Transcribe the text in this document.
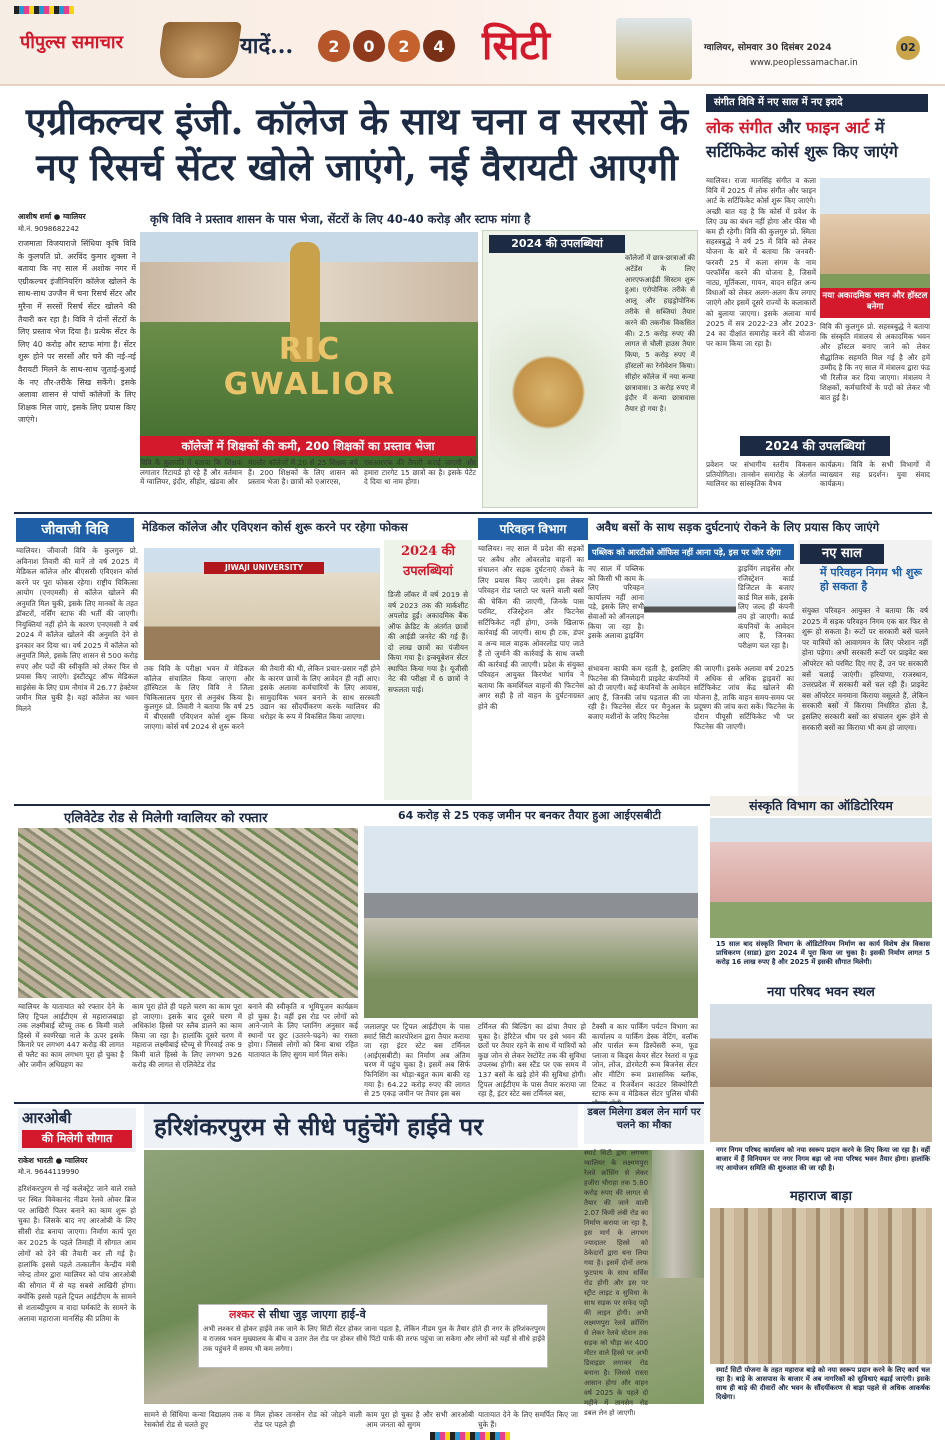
पीपुल्स समाचार	यादें...	2	0	2	4 सिटी	ग्वालियर, सोमवार 30 दिसंबर 2024	02
www.peoplessamachar.in
एग्रीकल्चर इंजी. कॉलेज के साथ चना व सरसों के नए रिसर्च सेंटर खोले जाएंगे, नई वैरायटी आएगी
कृषि विवि ने प्रस्ताव शासन के पास भेजा, सेंटरों के लिए 40-40 करोड़ और स्टाफ मांगा है
आशीष शर्मा ● ग्वालियर
मो.नं. 9098682242
राजमाता विजयाराजे सिंधिया कृषि विवि के कुलपति प्रो. अरविंद कुमार शुक्ला ने बताया कि नए साल में अशोक नगर में एग्रीकल्चर इंजीनियरिंग कॉलेज खोलने के साथ-साथ उज्जैन में चना रिसर्च सेंटर और मुरैना में सरसों रिसर्च सेंटर खोलने की तैयारी कर रहा है। विवि ने दोनों सेंटरों के लिए प्रस्ताव भेज दिया है। प्रत्येक सेंटर के लिए 40 करोड़ और स्टाफ मांगा है। सेंटर शुरू होने पर सरसों और चने की नई-नई वैरायटी मिलने के साथ-साथ जुताई-बुआई के नए तौर-तरीके सिख सकेंगे। इसके अलावा शासन से पांचों कॉलेजों के लिए शिक्षक मिल जाएं, इसके लिए प्रयास किए जाएंगे।
RIC GWALIOR
कॉलेजों में शिक्षकों की कमी, 200 शिक्षकों का प्रस्ताव भेजा
विवि के कुलपति ने बताया कि शिक्षक लगातार रिटायर्ड हो रहे हैं और वर्तमान में ग्वालियर, इंदौर, सीहोर, खंडवा और
मंदसौर कॉलेजों में 20 से 25 शिक्षक बचे हैं। 200 शिक्षकों के लिए शासन को प्रस्ताव भेजा है। छात्रों को एआरएस,
एसआरएफ की तैयारी कराई जाएगी और हमारा टारगेट 15 छात्रों का है। इसके पेटेंट दे दिया था नाम होगा।
2024 की उपलब्धियां
कॉलेजों में छात्र-छात्राओं की अटेंडेंस के लिए आरएफआईडी सिस्टम शुरू हुआ। एरोपोनिक तरीके से आलू और हाइड्रोपोनिक तरीके से सब्जियां तैयार करने की तकनीक विकसित की। 2.5 करोड़ रुपए की लागत से चौली हाउस तैयार किया, 5 करोड़ रुपए में हॉस्टलों का रेनोवेशन किया। सीहोर कॉलेज में नया कन्या छात्रावास। 3 करोड़ रुपए में इंदौर में कन्या छात्रावास तैयार हो गया है।
संगीत विवि में नए साल में नए इरादे
लोक संगीत और फाइन आर्ट में सर्टिफिकेट कोर्स शुरू किए जाएंगे
ग्वालियर। राजा मानसिंह संगीत व कला विवि में 2025 में लोक संगीत और फाइन आर्ट के सर्टिफिकेट कोर्स शुरू किए जाएंगे। अच्छी बात यह है कि कोर्स में प्रवेश के लिए उम्र का बंधन नहीं होगा और फीस भी कम ही रहेगी। विवि की कुलगुरु प्रो. स्मिता सहस्त्रबुद्धे ने वर्ष 25 में विवि को लेकर योजना के बारे में बताया कि जनवरी-फरवरी 25 में कला संगम के नाम परफॉर्मेंस करने की योजना है, जिसमें नाट्य, मूर्तिकला, गायन, वादन सहित अन्य विधाओं को लेकर अलग-अलग कैंप लगाए जाएंगे और इसमें दूसरे राज्यों के कलाकारों को बुलाया जाएगा। इसके अलावा मार्च 2025 में सत्र 2022-23 और 2023-24 का दीक्षांत समारोह करने की योजना पर काम किया जा रहा है।
नया अकादमिक भवन और हॉस्टल बनेगा
विवि की कुलगुरु प्रो. सहस्त्रबुद्धे ने बताया कि संस्कृति मंत्रालय से अकादमिक भवन और हॉस्टल बनाए जाने को लेकर सैद्धांतिक सहमति मिल गई है और हमें उम्मीद है कि नए साल में मंत्रालय द्वारा फंड भी रिलीज कर दिया जाएगा। मंत्रालय ने शिक्षकों, कर्मचारियों के पदों को लेकर भी बात हुई है।
2024 की उपलब्धियां
प्रवेशन पर संभागीय स्तरीय विकसन प्रतियोगिता। तानसेन समारोह के अंतर्गत ग्वालियर का सांस्कृतिक वैभव
कार्यक्रम। विवि के सभी विभागों में व्याख्यान सह प्रदर्शन। युवा संवाद कार्यक्रम।
जीवाजी विवि	मेडिकल कॉलेज और एविएशन कोर्स शुरू करने पर रहेगा फोकस
ग्वालियर। जीवाजी विवि के कुलगुरु प्रो. अविनाश तिवारी की मानें तो वर्ष 2025 में मेडिकल कॉलेज और बीएससी एविएशन कोर्स करने पर पूरा फोकस रहेगा। राष्ट्रीय चिकित्सा आयोग (एनएमसी) से कॉलेज खोलने की अनुमति मिल चुकी, इसके लिए मानकों के तहत डॉक्टरों, नर्सिंग स्टाफ की भर्ती की जाएगी। नियुक्तियां नहीं होने के कारण एनएमसी ने वर्ष 2024 में कॉलेज खोलने की अनुमति देने से इनकार कर दिया था। वर्ष 2025 में कॉलेज को अनुमति मिले, इसके लिए शासन से 500 करोड़ रुपए और पदों की स्वीकृति को लेकर फिर से प्रयास किए जाएंगे। इंस्टीट्यूट ऑफ मेडिकल साइंसेस के लिए ग्राम नौगांव में 26.77 हेक्टेयर जमीन मिल चुकी है। यहां कॉलेज का भवन मिलने
JIWAJI UNIVERSITY
तक विवि के परीक्षा भवन में मेडिकल कॉलेज संचालित किया जाएगा और हॉस्पिटल के लिए विवि ने जिला चिकित्सालय मुरार से अनुबंध किया है। कुलगुरु प्रो. तिवारी ने बताया कि वर्ष 25 में बीएससी एविएशन कोर्स शुरू किया जाएगा। कोर्स वर्ष 2024 से शुरू करने
की तैयारी की थी, लेकिन प्रचार-प्रसार नहीं होने के कारण छात्रों के लिए आवेदन ही नहीं आए। इसके अलावा कर्मचारियों के लिए आवास, सामुदायिक भवन बनाने के साथ सरस्वती उद्यान का सौंदर्यीकरण करके ग्वालियर की धरोहर के रूप में विकसित किया जाएगा।
2024 की उपलब्धियां
डिजी लॉकर में वर्ष 2019 से वर्ष 2023 तक की मार्कशीट अपलोड हुईं। अकादमिक बैंक ऑफ क्रेडिट के अंतर्गत छात्रों की आईडी जनरेट की गई हैं। दो लाख छात्रों का पंजीयन किया गया है। इन्क्यूबेशन सेंटर स्थापित किया गया है। यूजीसी नेट की परीक्षा में 6 छात्रों ने सफलता पाई।
परिवहन विभाग	अवैध बसों के साथ सड़क दुर्घटनाएं रोकने के लिए प्रयास किए जाएंगे
ग्वालियर। नए साल में प्रदेश की सड़कों पर अवैध और ओवरलोड वाहनों का संचालन और सड़क दुर्घटनाएं रोकने के लिए प्रयास किए जाएंगे। इस लेकर परिवहन रोड प्लाटो पर चलने वाली बसों की चेकिंग की जाएगी, जिनके पास परमिट, रजिस्ट्रेशन और फिटनेस सर्टिफिकेट नहीं होगा, उनके खिलाफ कार्रवाई की जाएगी। साथ ही टक, डंपर व अन्य माल वाहक ओवरलोड पाए जाते हैं तो जुर्माने की कार्रवाई के साथ जब्ती की कार्रवाई की जाएगी। प्रदेश के संयुक्त परिवहन आयुक्त किरणेश भार्गव ने बताया कि कमर्शियल वाहनों की फिटनेस अगर सही है तो वाहन के दुर्घटनाग्रस्त होने की
पब्लिक को आरटीओ ऑफिस नहीं आना पड़े, इस पर जोर रहेगा
नए साल में पब्लिक को किसी भी काम के लिए परिवहन कार्यालय नहीं आना पड़े, इसके लिए सभी सेवाओं को ऑनलाइन किया जा रहा है। इसके अलावा ड्राइविंग
ड्राइविंग लाइसेंस और रजिस्ट्रेशन कार्ड डिजिटल के बजाए कार्ड मिल सके, इसके लिए जल्द ही कंपनी तय हो जाएगी। कार्ड कंपनियों के आवेदन आए हैं, जिनका परीक्षण चल रहा है।
संभावना काफी कम रहती है, इसलिए फिटनेस की जिम्मेदारी प्राइवेट कंपनियों को दी जाएगी। कई कंपनियों के आवेदन आए हैं, जिनकी जांच पड़ताल की जा रही है। फिटनेस सेंटर पर मैनुअल के बजाए मशीनों के जरिए फिटनेस
की जाएगी। इसके अलावा वर्ष 2025 में अधिक से अधिक ड्राइवरों का सर्टिफिकेट जांच केंद्र खोलने की योजना है, ताकि वाहन समय-समय पर प्रदूषण की जांच करा सकें। फिटनेस के दौरान पीयूसी सर्टिफिकेट भी पर फिटनेस की जाएगी।
नए साल
में परिवहन निगम भी शुरू हो सकता है
संयुक्त परिवहन आयुक्त ने बताया कि वर्ष 2025 में सड़क परिवहन निगम एक बार फिर से शुरू हो सकता है। रूटों पर सरकारी बसें चलने पर यात्रियों को आवागमन के लिए परेशान नहीं होना पड़ेगा। अभी सरकारी रूटों पर प्राइवेट बस ऑपरेटर को परमिट दिए गए हैं, उन पर सरकारी बसें चलाई जाएंगी। हरियाणा, राजस्थान, उत्तरप्रदेश में सरकारी बसें चल रही हैं। प्राइवेट बस ऑपरेटर मनमाना किराया वसूलते हैं, लेकिन सरकारी बसों में किराया निर्धारित होता है, इसलिए सरकारी बसों का संचालन शुरू होने से सरकारी बसों का किराया भी कम हो जाएगा।
एलिवेटेड रोड से मिलेगी ग्वालियर को रफ्तार
ग्वालियर के यातायात को रफ्तार देने के लिए ट्रिपल आईटीएम से महाराजबाड़ा तक लक्ष्मीबाई स्टैच्यू तक 6 किमी वाले हिस्से में स्वर्णरेखा नाले के ऊपर इसके किनारे पर लगभग 447 करोड़ की लागत से फ्लैट का काम लगभग पूरा हो चुका है और जमीन अधिग्रहण का
काम पूरा होते ही पहले चरण का काम पूरा हो जाएगा। इसके बाद दूसरे चरण में अधिकांश हिस्से पर स्लैब डालने का काम किया जा रहा है। हालांकि दूसरे चरण में महाराज लक्ष्मीबाई स्टैच्यू से गिरवाई तक 9 किमी वाले हिस्से के लिए लगभग 926 करोड़ की लागत से एलिवेटेड रोड
बनाने की स्वीकृति व भूमिपूजन कार्यक्रम हो चुका है। वहीं इस रोड पर लोगों को आने-जाने के लिए प्लानिंग अनुसार कई स्थानों पर छुट (उतरने-चढ़ने) का रास्ता होगा। जिससे लोगों को बिना बाधा रहित यातायात के लिए सुगम मार्ग मिल सके।
64 करोड़ से 25 एकड़ जमीन पर बनकर तैयार हुआ आईएसबीटी
जलालपुर पर ट्रिपल आईटीएम के पास स्मार्ट सिटी कारपोरेशन द्वारा तैयार कराया जा रहा इंटर स्टेट बस टर्मिनल (आईएसबीटी) का निर्माण अब अंतिम चरण में पहुंच चुका है। इसमें अब सिर्फ फिनिशिंग का थोड़ा-बहुत काम बाकी रह गया है। 64.22 करोड़ रुपए की लागत से 25 एकड़ जमीन पर तैयार इस बस
टर्मिनल की बिल्डिंग का ढांचा तैयार हो चुका है। हेरिटेज थीम पर इसे भवन की छतों पर तैयार रहने के साथ में यात्रियों को कुछ जोन से लेकर रेस्टोरेंट तक की सुविधा उपलब्ध होगी। बस स्टैंड पर एक समय में 137 बसों के खड़े होने की सुविधा होगी। ट्रिपल आईटीएम के पास तैयार कराया जा रहा है, इंटर स्टेट बस टर्मिनल बस,
टैक्सी व कार पार्किंग पर्यटन विभाग का कार्यालय व पार्किंग डेस्क वेटिंग, वलॉक और पार्सल रूम डिस्पेंसरी रूम, फूड प्लाजा व किड्स केयर सेंटर रेस्तरां व फूड जोन, लोंज, डोरमेटरी रूम बिजनेस सेंटर और मीटिंग रूम प्रशासनिक ब्लॉक, टिकट व रिजर्वेशन काउंटर सिक्योरिटी स्टाफ रूम व मेडिकल सेंटर पुलिस चौकी
संस्कृति विभाग का ऑडिटोरियम
15 साल बाद संस्कृति विभाग के ऑडिटोरियम निर्माण का कार्य विशेष क्षेत्र विकास प्राधिकरण (साडा) द्वारा 2024 में पूरा किया जा चुका है। इसकी निर्माण लागत 5 करोड़ 16 लाख रुपए है और 2025 में इसकी सौगात मिलेगी।
नया परिषद भवन स्थल
नगर निगम परिषद कार्यालय को नया स्वरूप प्रदान करने के लिए किया जा रहा है। वहीं बाजार में हैं विनियमन पर नगर निगम बड़ा जो नया परिषद भवन तैयार होगा। हालांकि नए आयोजन समिति की शुरुआत की जा रही है।
महाराज बाड़ा
स्मार्ट सिटी योजना के तहत महाराज बाड़े को नया स्वरूप प्रदान करने के लिए कार्य चल रहा है। बाड़े के आसपास के बाजार में अब नागरिकों को सुविधाएं बढ़ाई जाएंगी। इसके साथ ही बाड़े की दीवारों और भवन के सौंदर्यीकरण से बाड़ा पहले से अधिक आकर्षक दिखेगा।
आरओबी
की मिलेगी सौगात
राकेश भारती ● ग्वालियर
मो.न. 9644119990
हरिशंकरपुरम से नई कलेक्ट्रेट जाने वाले रास्ते पर स्थित विवेकानंद नीडम रेलवे ओवर ब्रिज पर आखिरी पिलर बनाने का काम शुरू हो चुका है। जिसके बाद नए आरओबी के लिए सीसी रोड बनाया जाएगा। निर्माण कार्य पूरा कर 2025 के पहले तिमाही में सौगात आम लोगों को देने की तैयारी कर ली गई है। हालांकि इससे पहले तत्कालीन केन्द्रीय मंत्री नरेन्द्र तोमर द्वारा ग्वालियर को पांच आरओबी की सौगात में से यह सबसे आखिरी होगा। क्योंकि इससे पहले ट्रिपल आईटीएम के सामने से शताब्दीपुरम व वादा घर्मकांटे के सामने के अलावा महाराजा मानसिंह की प्रतिमा के
हरिशंकरपुरम से सीधे पहुंचेंगे हाईवे पर
लश्कर से सीधा जुड़ जाएगा हाई-वे
अभी लश्कर से होकर हाईवे तक जाने के लिए सिटी सेंटर होकर जाना पड़ता है, लेकिन नीडम पुल के तैयार होते ही नगर के हरिशंकरपुरम व राजस्व भवन मुख्यालय के बीच व उतार तेल रोड पर होकर सीधे पिंटो पार्क की तरफ पहुंचा जा सकेगा और लोगों को यहाँ से सीधे हाईवे तक पहुंचने में समय भी कम लगेगा।
सामने से सिंधिया कन्या विद्यालय तक व रेसकोर्स रोड से चलते हुए
मिल होकर तानसेन रोड को जोड़ने वाली रोड पर पहले ही
काम पूरा हो चुका है और सभी आरओबी आम जनता को सुगम
यातायात देने के लिए समर्पित किए जा चुके हैं।
डबल मिलेगा डबल लेन मार्ग पर चलने का मौका
स्मार्ट सिटी द्वारा लगभग ग्वालियर के लक्ष्मणपुरा रेलवे क्रॉसिंग से लेकर हजीरा चौराहा तक 5.80 करोड़ रुपए की लागत से तैयार की जाने वाली 2.07 किमी लंबी रोड का निर्माण कराया जा रहा है, इस मार्ग के लगभग ज्यादातर हिस्से को ठेकेदारों द्वारा बना लिया गया है। इसमें दोनों तरफ फुटपाथ के साथ सर्विस रोड होगी और इस पर स्ट्रीट लाइट व सुविधा के साथ सड़क पर सफेद पट्टी की लाइन होगी। अभी लक्ष्मणपुरा रेलवे क्रॉसिंग से लेकर रेलवे स्टेशन तक सड़क को चौड़ा कर 400 मीटर वाले हिस्से पर अभी डिवाइडर लगाकर रोड बनाना है। जिससे रास्ता आसान होगा और वाहन वर्ष 2025 के पहले दो महीने में तानसेन रोड डबल लेन हो जाएगी।
